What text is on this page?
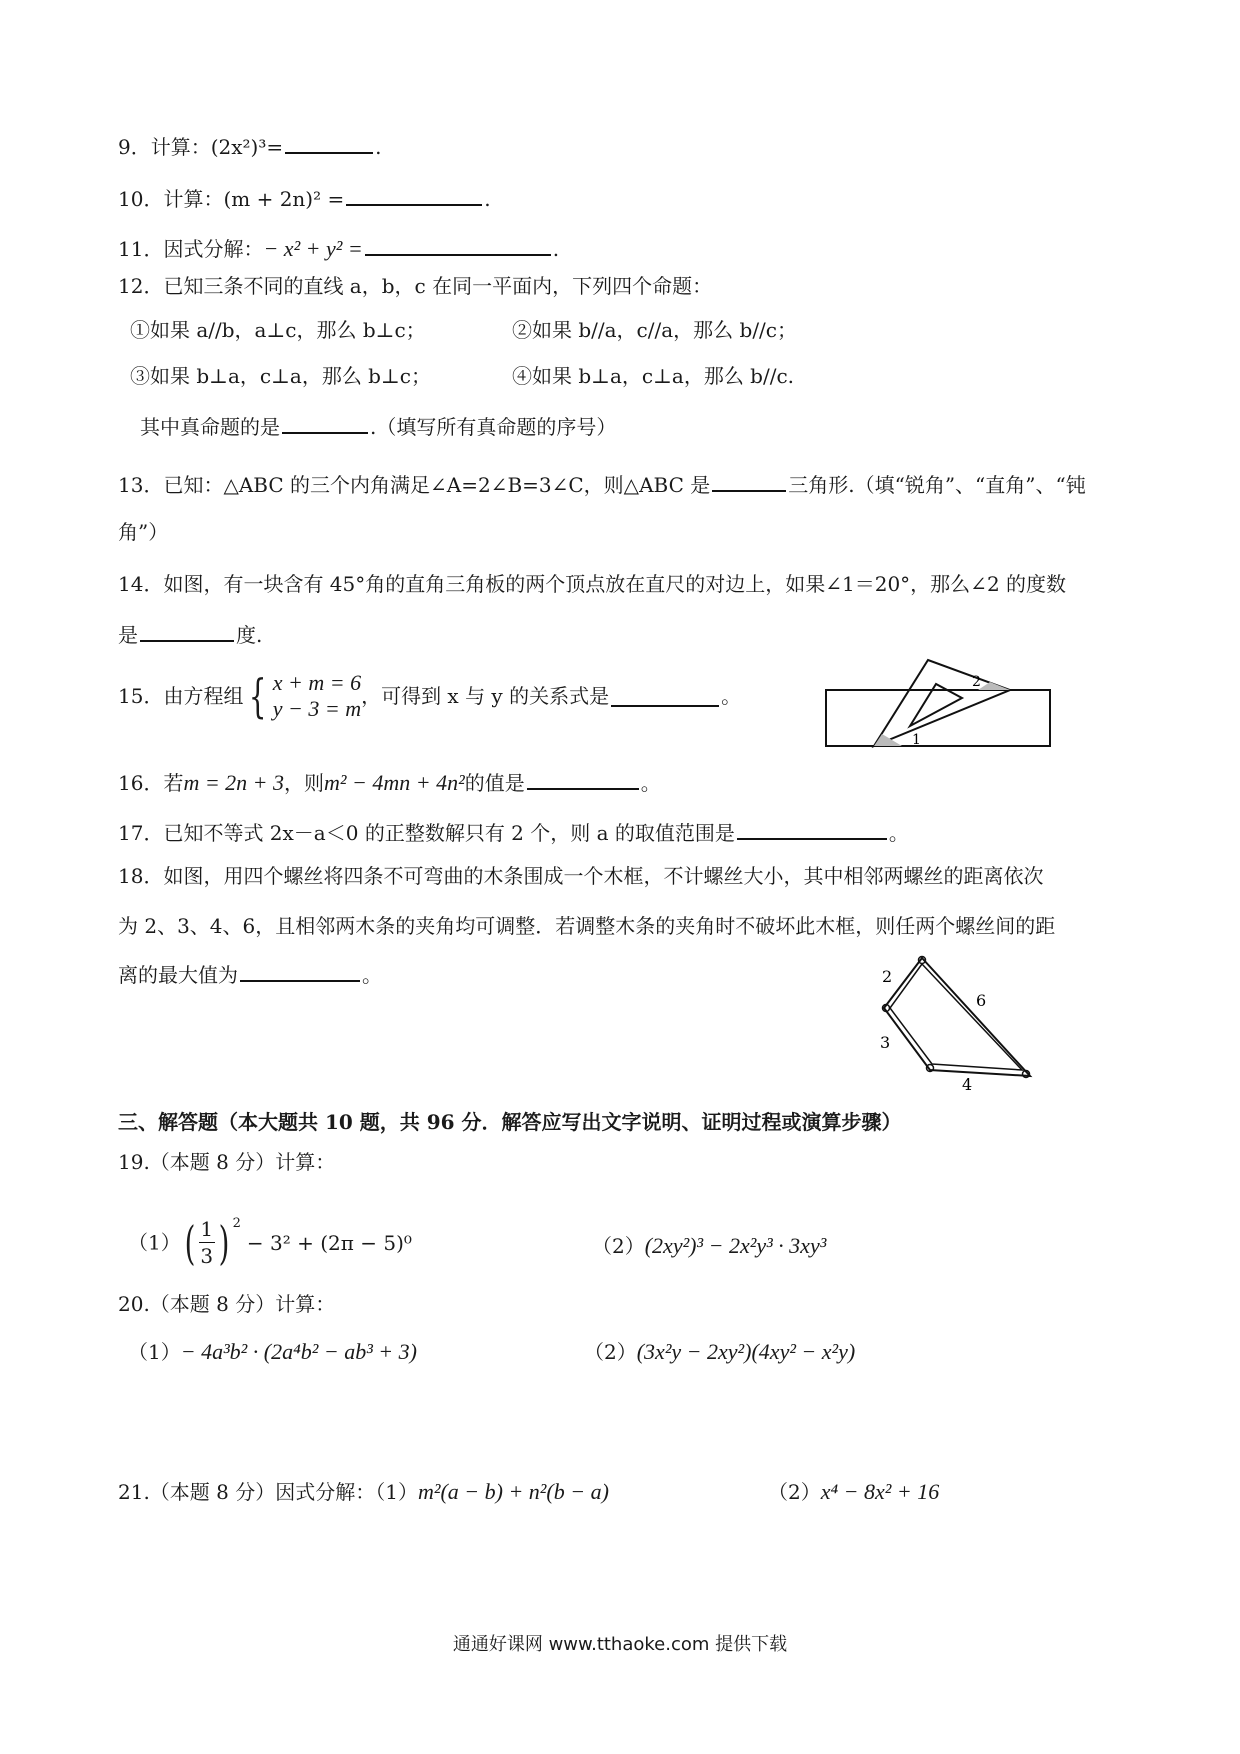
9．计算：(2x²)³=	.
10．计算：(m + 2n)² =	.
11．因式分解：− x² + y² =	.
12．已知三条不同的直线 a，b，c 在同一平面内，下列四个命题：
①如果 a//b，a⊥c，那么 b⊥c；	②如果 b//a，c//a，那么 b//c；
③如果 b⊥a，c⊥a，那么 b⊥c；	④如果 b⊥a，c⊥a，那么 b//c.
其中真命题的是	.（填写所有真命题的序号）
13．已知：△ABC 的三个内角满足∠A=2∠B=3∠C，则△ABC 是	三角形.（填“锐角”、“直角”、“钝
角”）
14．如图，有一块含有 45°角的直角三角板的两个顶点放在直尺的对边上，如果∠1＝20°，那么∠2 的度数
是	度.
15．由方程组 { x + m = 6
y − 3 = m ，可得到 x 与 y 的关系式是	。
2
1
16．若m = 2n + 3，则m² − 4mn + 4n²的值是	。
17．已知不等式 2x－a＜0 的正整数解只有 2 个，则 a 的取值范围是	。
18．如图，用四个螺丝将四条不可弯曲的木条围成一个木框，不计螺丝大小，其中相邻两螺丝的距离依次
为 2、3、4、6，且相邻两木条的夹角均可调整．若调整木条的夹角时不破坏此木框，则任两个螺丝间的距
离的最大值为	。	2
6
3
4
三、解答题（本大题共 10 题，共 96 分．解答应写出文字说明、证明过程或演算步骤）
19.（本题 8 分）计算：
$(1)( \frac{1}{3}$ ) $^2$− 3² + (2π − 5)⁰	（2）(2xy²)³ − 2x²y³ · 3xy³
20.（本题 8 分）计算：
（1）− 4a³b² · (2a⁴b² − ab³ + 3)	（2）(3x²y − 2xy²)(4xy² − x²y)
21.（本题 8 分）因式分解：（1）m²(a − b) + n²(b − a)	（2）x⁴ − 8x² + 16
通通好课网 www.tthaoke.com 提供下载
